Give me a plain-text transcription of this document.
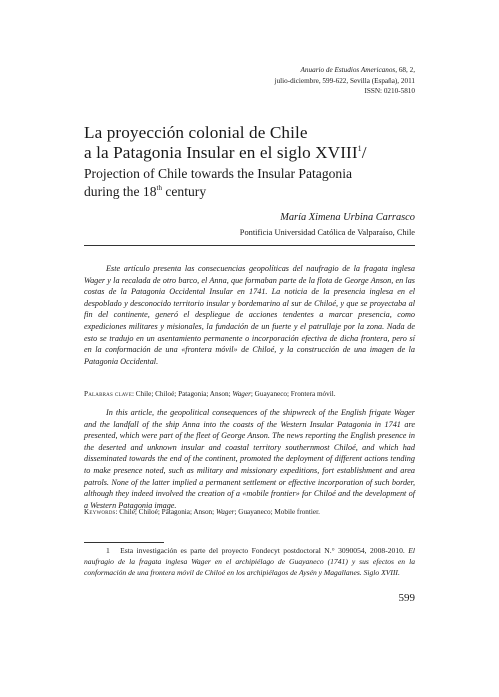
Anuario de Estudios Americanos, 68, 2,
julio-diciembre, 599-622, Sevilla (España), 2011
ISSN: 0210-5810
La proyección colonial de Chile
a la Patagonia Insular en el siglo XVIII$^1$/
Projection of Chile towards the Insular Patagonia
during the 18th century
María Ximena Urbina Carrasco
Pontificia Universidad Católica de Valparaíso, Chile

Este artículo presenta las consecuencias geopolíticas del naufragio de la fragata inglesa Wager y la recalada de otro barco, el Anna, que formaban parte de la flota de George Anson, en las costas de la Patagonia Occidental Insular en 1741. La noticia de la presencia inglesa en el despoblado y desconocido territorio insular y bordemarino al sur de Chiloé, y que se proyectaba al fin del continente, generó el despliegue de acciones tendentes a marcar presencia, como expediciones militares y misionales, la fundación de un fuerte y el patrullaje por la zona. Nada de esto se tradujo en un asentamiento permanente o incorporación efectiva de dicha frontera, pero sí en la conformación de una «frontera móvil» de Chiloé, y la construcción de una imagen de la Patagonia Occidental.

Palabras clave: Chile; Chiloé; Patagonia; Anson; Wager; Guayaneco; Frontera móvil.

In this article, the geopolitical consequences of the shipwreck of the English frigate Wager and the landfall of the ship Anna into the coasts of the Western Insular Patagonia in 1741 are presented, which were part of the fleet of George Anson. The news reporting the English presence in the deserted and unknown insular and coastal territory southernmost Chiloé, and which had disseminated towards the end of the continent, promoted the deployment of different actions tending to make presence noted, such as military and missionary expeditions, fort establishment and area patrols. None of the latter implied a permanent settlement or effective incorporation of such border, although they indeed involved the creation of a «mobile frontier» for Chiloé and the development of a Western Patagonia image.

Keywords: Chile; Chiloé; Patagonia; Anson; Wager; Guayaneco; Mobile frontier.

1 Esta investigación es parte del proyecto Fondecyt postdoctoral N.° 3090054, 2008-2010. El naufragio de la fragata inglesa Wager en el archipiélago de Guayaneco (1741) y sus efectos en la conformación de una frontera móvil de Chiloé en los archipiélagos de Aysén y Magallanes. Siglo XVIII.

599
